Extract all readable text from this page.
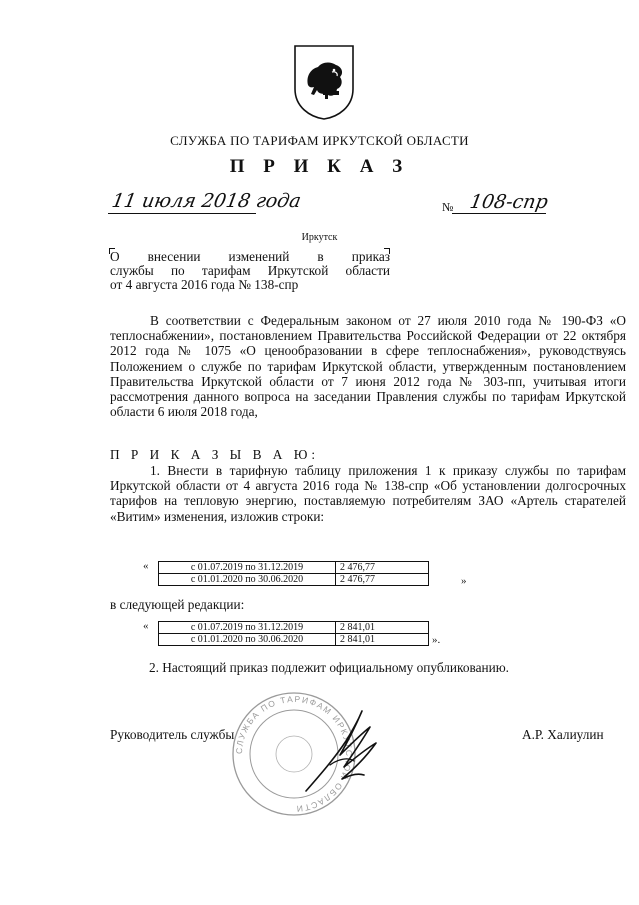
СЛУЖБА ПО ТАРИФАМ ИРКУТСКОЙ ОБЛАСТИ
П Р И К А З
11 июля 2018 года	№ 108-спр
Иркутск
О внесении изменений в приказ
службы по тарифам Иркутской области
от 4 августа 2016 года № 138-спр
В соответствии с Федеральным законом от 27 июля 2010 года № 190-ФЗ «О теплоснабжении», постановлением Правительства Российской Федерации от 22 октября 2012 года № 1075 «О ценообразовании в сфере теплоснабжения», руководствуясь Положением о службе по тарифам Иркутской области, утвержденным постановлением Правительства Иркутской области от 7 июня 2012 года № 303-пп, учитывая итоги рассмотрения данного вопроса на заседании Правления службы по тарифам Иркутской области 6 июля 2018 года,
П Р И К А З Ы В А Ю:
1. Внести в тарифную таблицу приложения 1 к приказу службы по тарифам Иркутской области от 4 августа 2016 года № 138-спр «Об установлении долгосрочных тарифов на тепловую энергию, поставляемую потребителям ЗАО «Артель старателей «Витим» изменения, изложив строки:
«	с 01.07.2019 по 31.12.2019	2 476,77
с 01.01.2020 по 30.06.2020	2 476,77	»
в следующей редакции:
«	с 01.07.2019 по 31.12.2019	2 841,01
с 01.01.2020 по 30.06.2020	2 841,01	».
2. Настоящий приказ подлежит официальному опубликованию.
СЛУЖБА ПО ТАРИФАМ ИРКУТСКОЙ ОБЛАСТИ
Руководитель службы	А.Р. Халиулин
